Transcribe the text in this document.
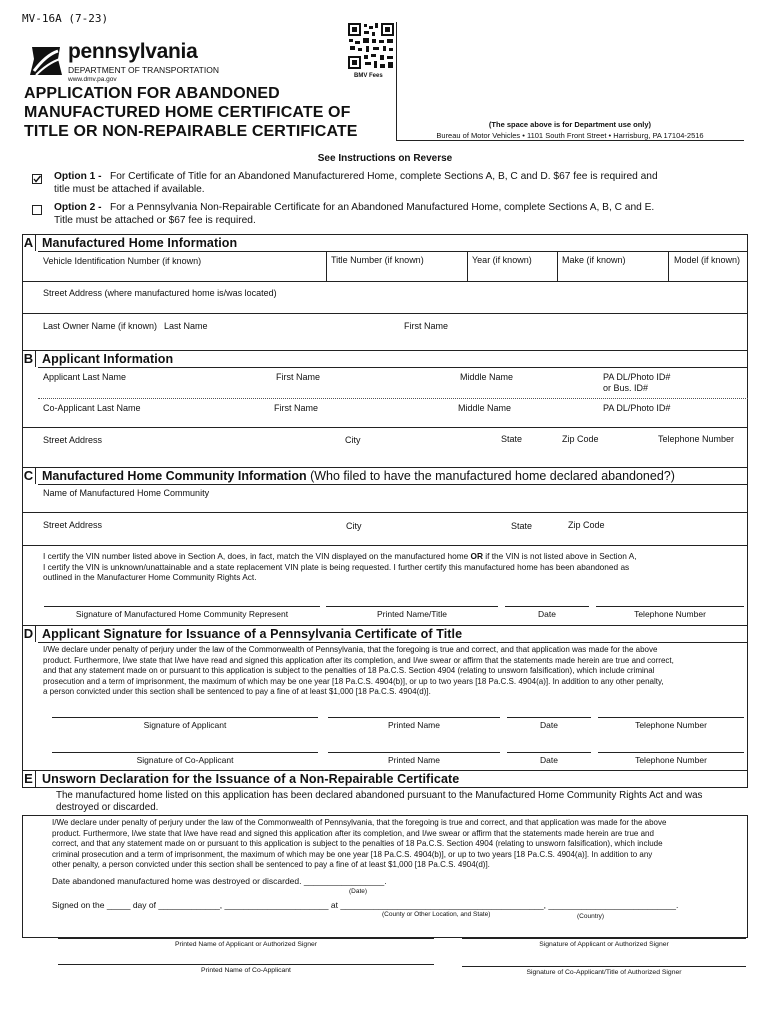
MV-16A (7-23)
pennsylvania
DEPARTMENT OF TRANSPORTATION
www.dmv.pa.gov	BMV Fees
APPLICATION FOR ABANDONED
MANUFACTURED HOME CERTIFICATE OF
TITLE OR NON-REPAIRABLE CERTIFICATE	(The space above is for Department use only)
Bureau of Motor Vehicles • 1101 South Front Street • Harrisburg, PA 17104-2516
See Instructions on Reverse
Option 1 - For Certificate of Title for an Abandoned Manufacturered Home, complete Sections A, B, C and D. $67 fee is required and
title must be attached if available.
Option 2 - For a Pennsylvania Non-Repairable Certificate for an Abandoned Manufactured Home, complete Sections A, B, C and E.
Title must be attached or $67 fee is required.
A Manufactured Home Information
Vehicle Identification Number (if known)	Title Number (if known)	Year (if known)	Make (if known)	Model (if known)
Street Address (where manufactured home is/was located)
Last Owner Name (if known) Last Name	First Name
B Applicant Information
Applicant Last Name	First Name	Middle Name	PA DL/Photo ID#
or Bus. ID#
Co-Applicant Last Name	First Name	Middle Name	PA DL/Photo ID#
Street Address	City	State	Zip Code	Telephone Number
C Manufactured Home Community Information (Who filed to have the manufactured home declared abandoned?)
Name of Manufactured Home Community
Street Address	City	State	Zip Code
I certify the VIN number listed above in Section A, does, in fact, match the VIN displayed on the manufactured home OR if the VIN is not listed above in Section A,
I certify the VIN is unknown/unattainable and a state replacement VIN plate is being requested. I further certify this manufactured home has been abandoned as
outlined in the Manufacturer Home Community Rights Act.
Signature of Manufactured Home Community Represent	Printed Name/Title	Date	Telephone Number
D Applicant Signature for Issuance of a Pennsylvania Certificate of Title
I/We declare under penalty of perjury under the law of the Commonwealth of Pennsylvania, that the foregoing is true and correct, and that application was made for the above
product. Furthermore, I/we state that I/we have read and signed this application after its completion, and I/we swear or affirm that the statements made herein are true and correct,
and that any statement made on or pursuant to this application is subject to the penalties of 18 Pa.C.S. Section 4904 (relating to unsworn falsification), which include criminal
prosecution and a term of imprisonment, the maximum of which may be one year [18 Pa.C.S. 4904(b)], or up to two years [18 Pa.C.S. 4904(a)]. In addition to any other penalty,
a person convicted under this section shall be sentenced to pay a fine of at least $1,000 [18 Pa.C.S. 4904(d)].
Signature of Applicant	Printed Name	Date	Telephone Number
Signature of Co-Applicant	Printed Name	Date	Telephone Number
E Unsworn Declaration for the Issuance of a Non-Repairable Certificate
The manufactured home listed on this application has been declared abandoned pursuant to the Manufactured Home Community Rights Act and was
destroyed or discarded.
I/We declare under penalty of perjury under the law of the Commonwealth of Pennsylvania, that the foregoing is true and correct, and that application was made for the above
product. Furthermore, I/we state that I/we have read and signed this application after its completion, and I/we swear or affirm that the statements made herein are true and
correct, and that any statement made on or pursuant to this application is subject to the penalties of 18 Pa.C.S. Section 4904 (relating to unsworn falsification), which include
criminal prosecution and a term of imprisonment, the maximum of which may be one year [18 Pa.C.S. 4904(b)], or up to two years [18 Pa.C.S. 4904(a)]. In addition to any
other penalty, a person convicted under this section shall be sentenced to pay a fine of at least $1,000 [18 Pa.C.S. 4904(d)].
Date abandoned manufactured home was destroyed or discarded. _________________.
(Date)
Signed on the _____ day of _____________, ______________________ at ___________________________________________, ___________________________.
(County or Other Location, and State)	(Country)
Printed Name of Applicant or Authorized Signer	Signature of Applicant or Authorized Signer
Printed Name of Co-Applicant	Signature of Co-Applicant/Title of Authorized Signer
